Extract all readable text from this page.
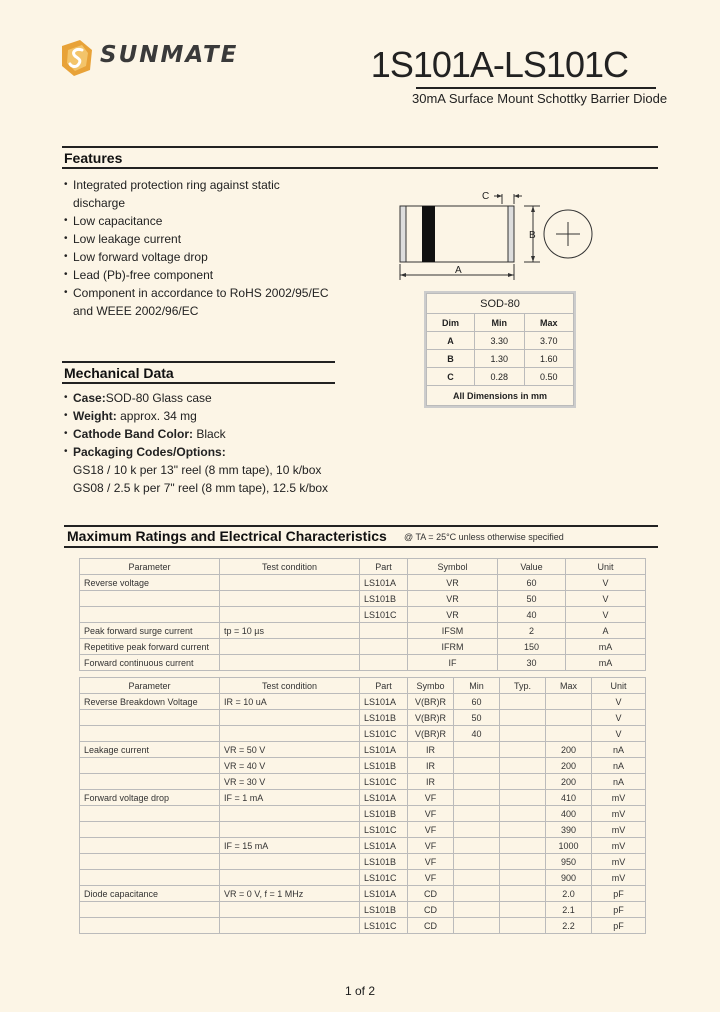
SUNMATE	1S101A-LS101C
30mA Surface Mount Schottky Barrier Diode
Features
• Integrated protection ring against static discharge
• Low capacitance
• Low leakage current
• Low forward voltage drop
• Lead (Pb)-free component
• Component in accordance to RoHS 2002/95/EC and WEEE 2002/96/EC
C
B
A
SOD-80		
Dim	Min	Max
A	3.30	3.70
B	1.30	1.60
C	0.28	0.50
All Dimensions in mm		
Mechanical Data
• Case:SOD-80 Glass case
• Weight: approx. 34 mg
• Cathode Band Color: Black
• Packaging Codes/Options:
GS18 / 10 k per 13" reel (8 mm tape), 10 k/box
GS08 / 2.5 k per 7" reel (8 mm tape), 12.5 k/box
Maximum Ratings and Electrical Characteristics @ TA = 25°C unless otherwise specified
Parameter	Test condition	Part	Symbol	Value	Unit
Reverse voltage		LS101A	VR	60	V
		LS101B	VR	50	V
		LS101C	VR	40	V
Peak forward surge current	tp = 10 µs		IFSM	2	A
Repetitive peak forward current			IFRM	150	mA
Forward continuous current			IF	30	mA
Parameter	Test condition	Part	Symbo	Min	Typ.	Max	Unit
Reverse Breakdown Voltage	IR = 10 uA	LS101A	V(BR)R	60			V
		LS101B	V(BR)R	50			V
		LS101C	V(BR)R	40			V
Leakage current	VR = 50 V	LS101A	IR			200	nA
	VR = 40 V	LS101B	IR			200	nA
	VR = 30 V	LS101C	IR			200	nA
Forward voltage drop	IF = 1 mA	LS101A	VF			410	mV
		LS101B	VF			400	mV
		LS101C	VF			390	mV
	IF = 15 mA	LS101A	VF			1000	mV
		LS101B	VF			950	mV
		LS101C	VF			900	mV
Diode capacitance	VR = 0 V, f = 1 MHz	LS101A	CD			2.0	pF
		LS101B	CD			2.1	pF
		LS101C	CD			2.2	pF
1 of 2
